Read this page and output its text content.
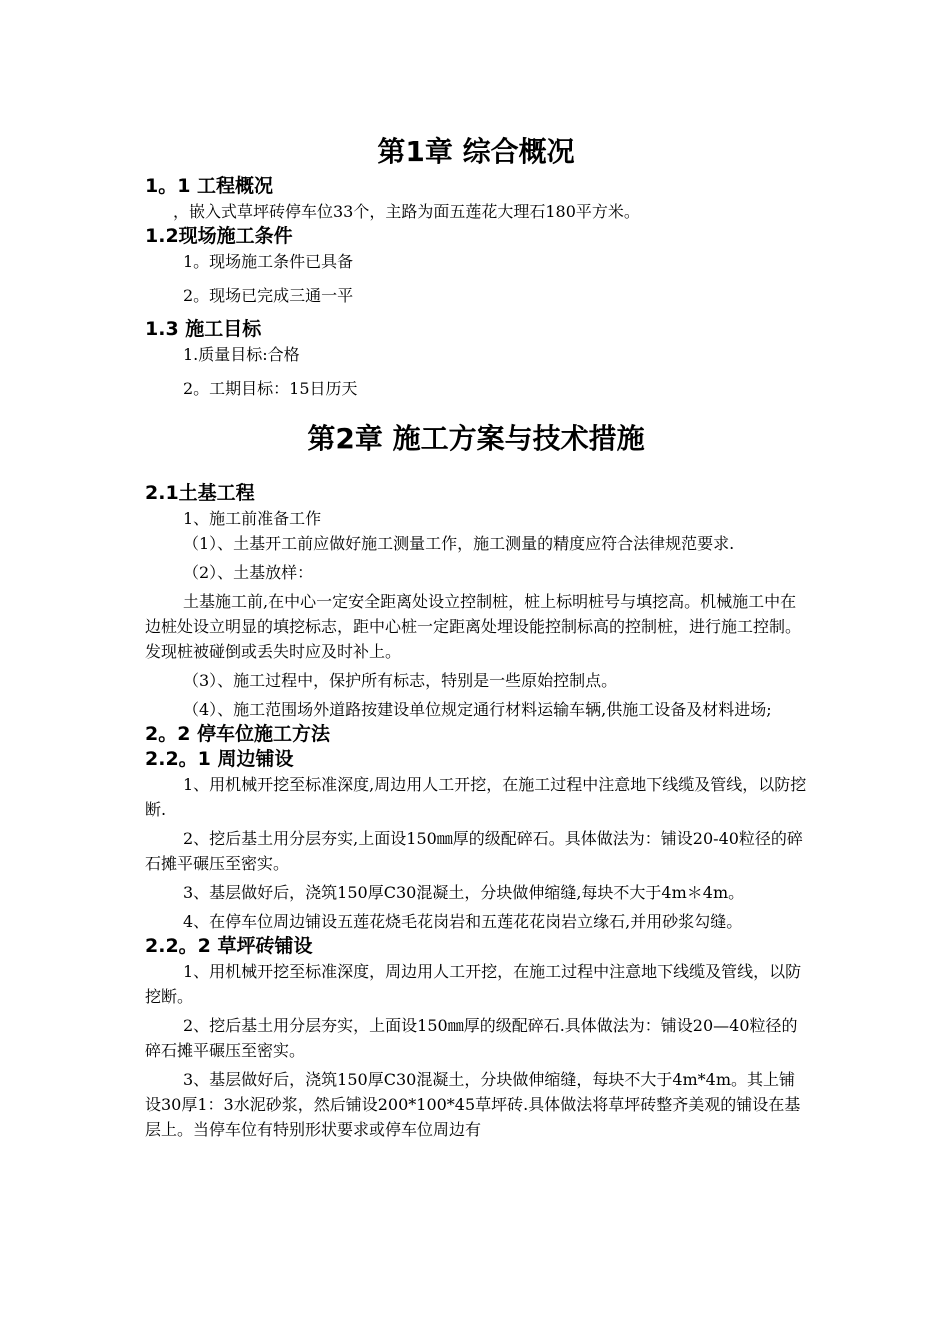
第1章 综合概况
1。1 工程概况

，嵌入式草坪砖停车位33个，主路为面五莲花大理石180平方米。

1.2现场施工条件

1。现场施工条件已具备

2。现场已完成三通一平

1.3 施工目标

1.质量目标:合格

2。工期目标：15日历天

第2章 施工方案与技术措施
2.1土基工程

1、施工前准备工作

（1）、土基开工前应做好施工测量工作，施工测量的精度应符合法律规范要求.

（2）、土基放样：

土基施工前,在中心一定安全距离处设立控制桩，桩上标明桩号与填挖高。机械施工中在边桩处设立明显的填挖标志，距中心桩一定距离处埋设能控制标高的控制桩，进行施工控制。发现桩被碰倒或丢失时应及时补上。

（3）、施工过程中，保护所有标志，特别是一些原始控制点。

（4）、施工范围场外道路按建设单位规定通行材料运输车辆,供施工设备及材料进场;

2。2 停车位施工方法
2.2。1 周边铺设

1、用机械开挖至标准深度,周边用人工开挖，在施工过程中注意地下线缆及管线，以防挖断.

2、挖后基土用分层夯实,上面设150㎜厚的级配碎石。具体做法为：铺设20-40粒径的碎石摊平碾压至密实。

3、基层做好后，浇筑150厚C30混凝土，分块做伸缩缝,每块不大于4m＊4m。

4、在停车位周边铺设五莲花烧毛花岗岩和五莲花花岗岩立缘石,并用砂浆勾缝。

2.2。2 草坪砖铺设

1、用机械开挖至标准深度，周边用人工开挖，在施工过程中注意地下线缆及管线，以防挖断。

2、挖后基土用分层夯实，上面设150㎜厚的级配碎石.具体做法为：铺设20—40粒径的碎石摊平碾压至密实。

3、基层做好后，浇筑150厚C30混凝土，分块做伸缩缝，每块不大于4m*4m。其上铺设30厚1：3水泥砂浆，然后铺设200*100*45草坪砖.具体做法将草坪砖整齐美观的铺设在基层上。当停车位有特别形状要求或停车位周边有
